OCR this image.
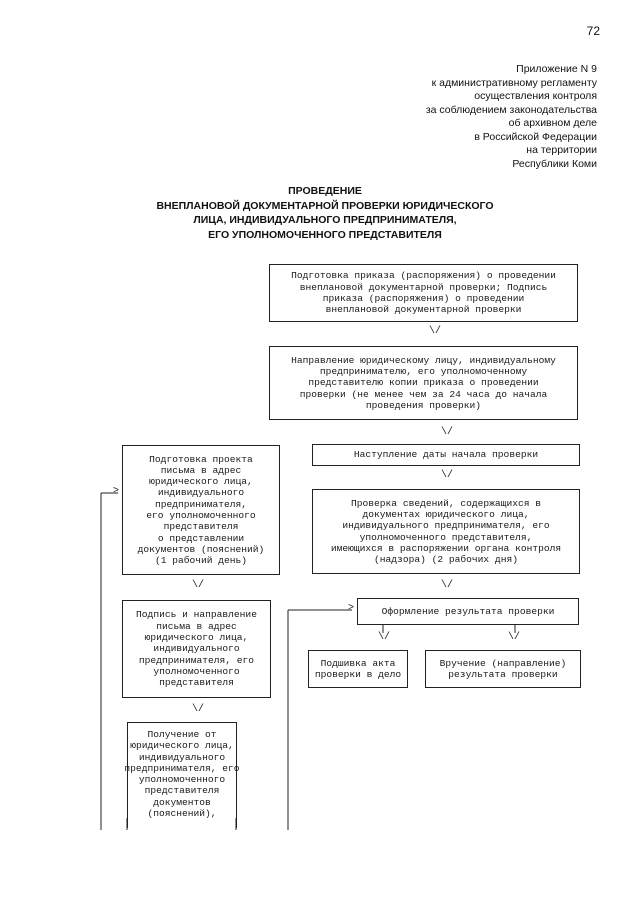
72
Приложение N 9
к административному регламенту
осуществления контроля
за соблюдением законодательства
об архивном деле
в Российской Федерации
на территории
Республики Коми
ПРОВЕДЕНИЕ
ВНЕПЛАНОВОЙ ДОКУМЕНТАРНОЙ ПРОВЕРКИ ЮРИДИЧЕСКОГО
ЛИЦА, ИНДИВИДУАЛЬНОГО ПРЕДПРИНИМАТЕЛЯ,
ЕГО УПОЛНОМОЧЕННОГО ПРЕДСТАВИТЕЛЯ
\/
\/
\/
\/
\/	\/
\/
\/
>
>
Подготовка приказа (распоряжения) о проведении
внеплановой документарной проверки; Подпись
приказа (распоряжения) о проведении
внеплановой документарной проверки
Направление юридическому лицу, индивидуальному
предпринимателю, его уполномоченному
представителю копии приказа о проведении
проверки (не менее чем за 24 часа до начала
проведения проверки)
Наступление даты начала проверки
Проверка сведений, содержащихся в
документах юридического лица,
индивидуального предпринимателя, его
уполномоченного представителя,
имеющихся в распоряжении органа контроля
(надзора) (2 рабочих дня)
Оформление результата проверки
Подшивка акта
проверки в дело
Вручение (направление)
результата проверки
Подготовка проекта
письма в адрес
юридического лица,
индивидуального
предпринимателя,
его уполномоченного
представителя
о представлении
документов (пояснений)
(1 рабочий день)
Подпись и направление
письма в адрес
юридического лица,
индивидуального
предпринимателя, его
уполномоченного
представителя
Получение от
юридического лица,
индивидуального
предпринимателя, его
уполномоченного
представителя
документов
(пояснений),
